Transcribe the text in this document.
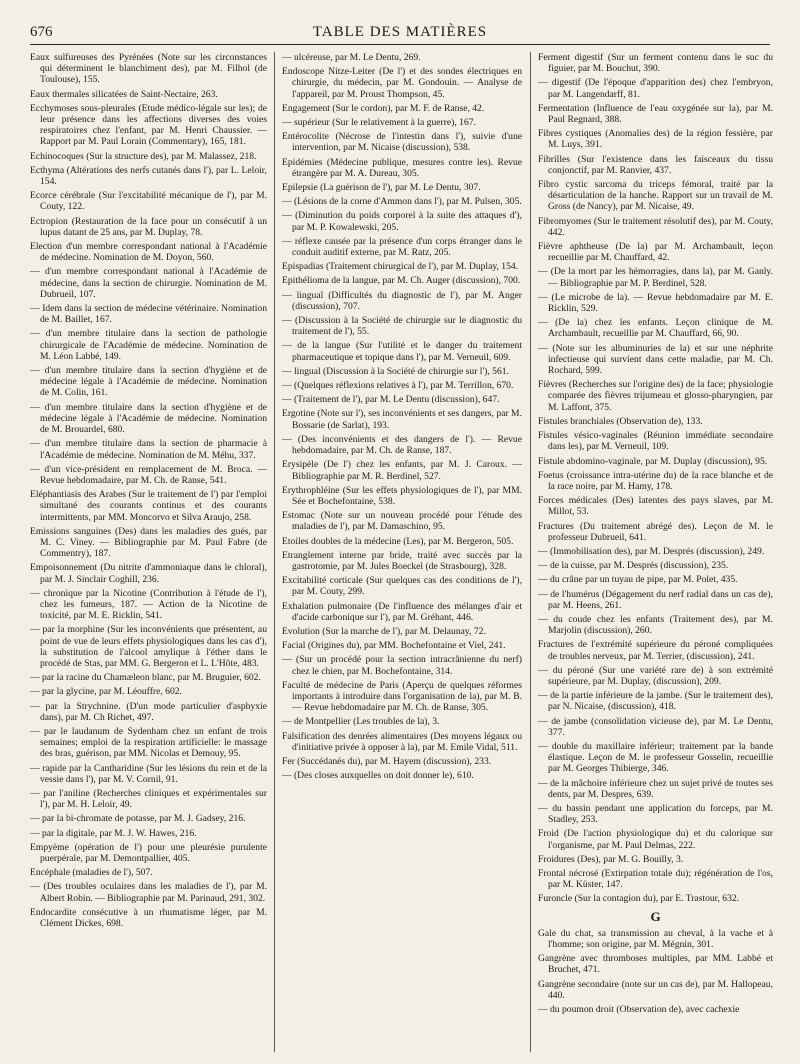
676	TABLE DES MATIÈRES

Eaux sulfureuses des Pyrénées (Note sur les circonstances qui déterminent le blanchiment des), par M. Filhol (de Toulouse), 155.

Eaux thermales silicatées de Saint-Nectaire, 263.

Ecchymoses sous-pleurales (Etude médico-légale sur les); de leur présence dans les affections diverses des voies respiratoires chez l'enfant, par M. Henri Chaussier. — Rapport par M. Paul Lorain (Commentary), 165, 181.

Echinocoques (Sur la structure des), par M. Malassez, 218.

Ecthyma (Altérations des nerfs cutanés dans l'), par L. Leloir, 154.

Ecorce cérébrale (Sur l'excitabilité mécanique de l'), par M. Couty, 122.

Ectropion (Restauration de la face pour un consécutif à un lupus datant de 25 ans, par M. Duplay, 78.

Election d'un membre correspondant national à l'Académie de médecine. Nomination de M. Doyon, 560.

— d'un membre correspondant national à l'Académie de médecine, dans la section de chirurgie. Nomination de M. Dubrueil, 107.

— Idem dans la section de médecine vétérinaire. Nomination de M. Baillet, 167.

— d'un membre titulaire dans la section de pathologie chirurgicale de l'Académie de médecine. Nomination de M. Léon Labbé, 149.

— d'un membre titulaire dans la section d'hygiène et de médecine légale à l'Académie de médecine. Nomination de M. Colin, 161.

— d'un membre titulaire dans la section d'hygiène et de médecine légale à l'Académie de médecine. Nomination de M. Brouardel, 680.

— d'un membre titulaire dans la section de pharmacie à l'Académie de médecine. Nomination de M. Méhu, 337.

— d'un vice-président en remplacement de M. Broca. — Revue hebdomadaire, par M. Ch. de Ranse, 541.

Eléphantiasis des Arabes (Sur le traitement de l') par l'emploi simultané des courants continus et des courants intermittents, par MM. Moncorvo et Silva Araujo, 258.

Emissions sanguines (Des) dans les maladies des gués, par M. C. Viney. — Bibliographie par M. Paul Fabre (de Commentry), 187.

Empoisonnement (Du nitrite d'ammoniaque dans le chloral), par M. J. Sinclair Coghill, 236.

— chronique par la Nicotine (Contribution à l'étude de l'), chez les fumeurs, 187. — Action de la Nicotine de toxicité, par M. E. Ricklin, 541.

— par la morphine (Sur les inconvénients que présentent, au point de vue de leurs effets physiologiques dans les cas d'), la substitution de l'alcool amylique à l'éther dans le procédé de Stas, par MM. G. Bergeron et L. L'Hôte, 483.

— par la racine du Chamæleon blanc, par M. Bruguier, 602.

— par la glycine, par M. Léouffre, 602.

— par la Strychnine. (D'un mode particulier d'asphyxie dans), par M. Ch Richet, 497.

— par le laudanum de Sydenham chez un enfant de trois semaines; emploi de la respiration artificielle: le massage des bras, guérison, par MM. Nicolas et Demouy, 95.

— rapide par la Cantharidine (Sur les lésions du rein et de la vessie dans l'), par M. V. Cornil, 91.

— par l'aniline (Recherches cliniques et expérimentales sur l'), par M. H. Leloir, 49.

— par la bi-chromate de potasse, par M. J. Gadsey, 216.

— par la digitale, par M. J. W. Hawes, 216.

Empyème (opération de l') pour une pleurésie purulente puerpérale, par M. Demontpallier, 405.

Encéphale (maladies de l'), 507.

— (Des troubles oculaires dans les maladies de l'), par M. Albert Robin. — Bibliographie par M. Parinaud, 291, 302.

Endocardite consécutive à un rhumatisme léger, par M. Clément Dickes, 698.

— ulcéreuse, par M. Le Dentu, 269.

Endoscope Nitze-Leiter (De l') et des sondes électriques en chirurgie, du médecin, par M. Gondouin. — Analyse de l'appareil, par M. Proust Thompson, 45.

Engagement (Sur le cordon), par M. F. de Ranse, 42.

— supérieur (Sur le relativement à la guerre), 167.

Entérocolite (Nécrose de l'intestin dans l'), suivie d'une intervention, par M. Nicaise (discussion), 538.

Epidémies (Médecine publique, mesures contre les). Revue étrangère par M. A. Dureau, 305.

Epilepsie (La guérison de l'), par M. Le Dentu, 307.

— (Lésions de la corne d'Ammon dans l'), par M. Pulsen, 305.

— (Diminution du poids corporel à la suite des attaques d'), par M. P. Kowalewski, 205.

— réflexe causée par la présence d'un corps étranger dans le conduit auditif externe, par M. Ratz, 205.

Epispadias (Traitement chirurgical de l'), par M. Duplay, 154.

Epithélioma de la langue, par M. Ch. Auger (discussion), 700.

— lingual (Difficultés du diagnostic de l'), par M. Anger (discussion), 707.

— (Discussion à la Société de chirurgie sur le diagnostic du traitement de l'), 55.

— de la langue (Sur l'utilité et le danger du traitement pharmaceutique et topique dans l'), par M. Verneuil, 609.

— lingual (Discussion à la Société de chirurgie sur l'), 561.

— (Quelques réflexions relatives à l'), par M. Terrillon, 670.

— (Traitement de l'), par M. Le Dentu (discussion), 647.

Ergotine (Note sur l'), ses inconvénients et ses dangers, par M. Bossarie (de Sarlat), 193.

— (Des inconvénients et des dangers de l'). — Revue hebdomadaire, par M. Ch. de Ranse, 187.

Erysipèle (De l') chez les enfants, par M. J. Caroux. — Bibliographie par M. R. Berdinel, 527.

Erythrophléine (Sur les effets physiologiques de l'), par MM. Sée et Bochefontaine, 538.

Estomac (Note sur un nouveau procédé pour l'étude des maladies de l'), par M. Damaschino, 95.

Etoiles doubles de la médecine (Les), par M. Bergeron, 505.

Etranglement interne par bride, traité avec succès par la gastrotomie, par M. Jules Boeckel (de Strasbourg), 328.

Excitabilité corticale (Sur quelques cas des conditions de l'), par M. Couty, 299.

Exhalation pulmonaire (De l'influence des mélanges d'air et d'acide carbonique sur l'), par M. Gréhant, 446.

Evolution (Sur la marche de l'), par M. Delaunay, 72.

Facial (Origines du), par MM. Bochefontaine et Viel, 241.

— (Sur un procédé pour la section intracrânienne du nerf) chez le chien, par M. Bochefontaine, 314.

Faculté de médecine de Paris (Aperçu de quelques réformes importants à introduire dans l'organisation de la), par M. B. — Revue hebdomadaire par M. Ch. de Ranse, 305.

— de Montpellier (Les troubles de la), 3.

Falsification des denrées alimentaires (Des moyens légaux ou d'initiative privée à opposer à la), par M. Emile Vidal, 511.

Fer (Succédanés du), par M. Hayem (discussion), 233.

— (Des closes auxquelles on doit donner le), 610.

Ferment digestif (Sur un ferment contenu dans le suc du figuier, par M. Bouchut, 390.

— digestif (De l'époque d'apparition des) chez l'embryon, par M. Langendarff, 81.

Fermentation (Influence de l'eau oxygénée sur la), par M. Paul Regnard, 388.

Fibres cystiques (Anomalies des) de la région fessière, par M. Luys, 391.

Fibrilles (Sur l'existence dans les faisceaux du tissu conjonctif, par M. Ranvier, 437.

Fibro cystic sarcoma du triceps fémoral, traité par la désarticulation de la hanche. Rapport sur un travail de M. Gross (de Nancy), par M. Nicaise, 49.

Fibromyomes (Sur le traitement résolutif des), par M. Couty, 442.

Fièvre aphtheuse (De la) par M. Archambault, leçon recueillie par M. Chauffard, 42.

— (De la mort par les hémorragies, dans la), par M. Ganly. — Bibliographie par M. P. Berdinel, 528.

— (Le microbe de la). — Revue hebdomadaire par M. E. Ricklin, 529.

— (De la) chez les enfants. Leçon clinique de M. Archambault, recueillie par M. Chauffard, 66, 90.

— (Note sur les albuminuries de la) et sur une néphrite infectieuse qui survient dans cette maladie, par M. Ch. Rochard, 599.

Fièvres (Recherches sur l'origine des) de la face; physiologie comparée des fièvres trijumeau et glosso-pharyngien, par M. Laffont, 375.

Fistules branchiales (Observation de), 133.

Fistules vésico-vaginales (Réunion immédiate secondaire dans les), par M. Verneuil, 109.

Fistule abdomino-vaginale, par M. Duplay (discussion), 95.

Foetus (croissance intra-utérine du) de la race blanche et de la race noire, par M. Hamy, 178.

Forces médicales (Des) latentes des pays slaves, par M. Millot, 53.

Fractures (Du traitement abrégé des). Leçon de M. le professeur Dubrueil, 641.

— (Immobilisation des), par M. Després (discussion), 249.

— de la cuisse, par M. Després (discussion), 235.

— du crâne par un tuyau de pipe, par M. Polet, 435.

— de l'humérus (Dégagement du nerf radial dans un cas de), par M. Heens, 261.

— du coude chez les enfants (Traitement des), par M. Marjolin (discussion), 260.

Fractures de l'extrémité supérieure du péroné compliquées de troubles nerveux, par M. Terrier, (discussion), 241.

— du péroné (Sur une variété rare de) à son extrémité supérieure, par M. Duplay, (discussion), 209.

— de la partie inférieure de la jambe. (Sur le traitement des), par N. Nicaise, (discussion), 418.

— de jambe (consolidation vicieuse de), par M. Le Dentu, 377.

— double du maxillaire inférieur; traitement par la bande élastique. Leçon de M. le professeur Gosselin, recueillie par M. Georges Thibierge, 346.

— de la mâchoire inférieure chez un sujet privé de toutes ses dents, par M. Despres, 639.

— du bassin pendant une application du forceps, par M. Stadley, 253.

Froid (De l'action physiologique du) et du calorique sur l'organisme, par M. Paul Delmas, 222.

Froidures (Des), par M. G. Bouilly, 3.

Frontal nécrosé (Extirpation totale du); régénération de l'os, par M. Küster, 147.

Furoncle (Sur la contagion du), par E. Trastour, 632.

G

Gale du chat, sa transmission au cheval, à la vache et à l'homme; son origine, par M. Mégnin, 301.

Gangrène avec thromboses multiples, par MM. Labbé et Bruchet, 471.

Gangrène secondaire (note sur un cas de), par M. Hallopeau, 440.

— du poumon droit (Observation de), avec cachexie
